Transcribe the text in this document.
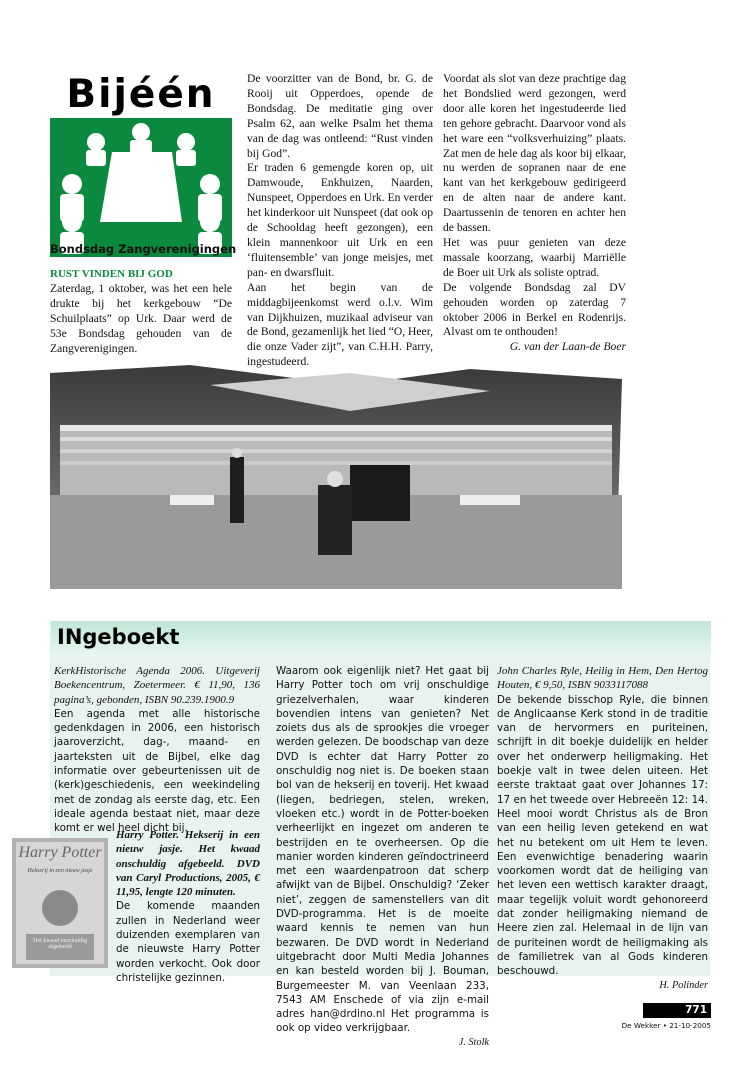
Bijéén
Bondsdag Zangverenigingen
RUST VINDEN BIJ GOD

Zaterdag, 1 oktober, was het een hele drukte bij het kerkgebouw “De Schuilplaats” op Urk. Daar werd de 53e Bondsdag gehouden van de Zangverenigingen.

De voorzitter van de Bond, br. G. de Rooij uit Opperdoes, opende de Bondsdag. De meditatie ging over Psalm 62, aan welke Psalm het thema van de dag was ontleend: “Rust vinden bij God”.

Er traden 6 gemengde koren op, uit Damwoude, Enkhuizen, Naarden, Nunspeet, Opperdoes en Urk. En verder het kinderkoor uit Nunspeet (dat ook op de Schooldag heeft gezongen), een klein mannenkoor uit Urk en een ‘fluitensemble’ van jonge meisjes, met pan- en dwarsfluit.

Aan het begin van de middagbijeenkomst werd o.l.v. Wim van Dijkhuizen, muzikaal adviseur van de Bond, gezamenlijk het lied “O, Heer, die onze Vader zijt”, van C.H.H. Parry, ingestudeerd.

Voordat als slot van deze prachtige dag het Bondslied werd gezongen, werd door alle koren het ingestudeerde lied ten gehore gebracht. Daarvoor vond als het ware een “volksverhuizing” plaats. Zat men de hele dag als koor bij elkaar, nu werden de sopranen naar de ene kant van het kerkgebouw gedirigeerd en de alten naar de andere kant. Daartussenin de tenoren en achter hen de bassen.

Het was puur genieten van deze massale koorzang, waarbij Marriëlle de Boer uit Urk als soliste optrad.

De volgende Bondsdag zal DV gehouden worden op zaterdag 7 oktober 2006 in Berkel en Rodenrijs. Alvast om te onthouden!

G. van der Laan-de Boer

INgeboekt

KerkHistorische Agenda 2006. Uitgeverij Boekencentrum, Zoetermeer. € 11,90, 136 pagina’s, gebonden, ISBN 90.239.1900.9

Een agenda met alle historische gedenkdagen in 2006, een historisch jaaroverzicht, dag-, maand- en jaarteksten uit de Bijbel, elke dag informatie over gebeurtenissen uit de (kerk)geschiedenis, een weekindeling met de zondag als eerste dag, etc. Een ideale agenda bestaat niet, maar deze komt er wel heel dicht bij.

Harry Potter. Hekserij in een nieuw jasje. Het kwaad onschuldig afgebeeld. DVD van Caryl Productions, 2005, € 11,95, lengte 120 minuten.

De komende maanden zullen in Nederland weer duizenden exemplaren van de nieuwste Harry Potter worden verkocht. Ook door christelijke gezinnen.

Harry Potter
Hekserij in een nieuw jasje
Het kwaad onschuldig afgebeeld

Waarom ook eigenlijk niet? Het gaat bij Harry Potter toch om vrij onschuldige griezelverhalen, waar kinderen bovendien intens van genieten? Net zoiets dus als de sprookjes die vroeger werden gelezen. De boodschap van deze DVD is echter dat Harry Potter zo onschuldig nog niet is. De boeken staan bol van de hekserij en toverij. Het kwaad (liegen, bedriegen, stelen, wreken, vloeken etc.) wordt in de Potter-boeken verheerlijkt en ingezet om anderen te bestrijden en te overheersen. Op die manier worden kinderen geïndoctrineerd met een waardenpatroon dat scherp afwijkt van de Bijbel. Onschuldig? ‘Zeker niet’, zeggen de samenstellers van dit DVD-programma. Het is de moeite waard kennis te nemen van hun bezwaren. De DVD wordt in Nederland uitgebracht door Multi Media Johannes en kan besteld worden bij J. Bouman, Burgemeester M. van Veenlaan 233, 7543 AM Enschede of via zijn e-mail adres han@drdino.nl Het programma is ook op video verkrijgbaar.

J. Stolk

John Charles Ryle, Heilig in Hem, Den Hertog Houten, € 9,50, ISBN 9033117088

De bekende bisschop Ryle, die binnen de Anglicaanse Kerk stond in de traditie van de hervormers en puriteinen, schrijft in dit boekje duidelijk en helder over het onderwerp heiligmaking. Het boekje valt in twee delen uiteen. Het eerste traktaat gaat over Johannes 17: 17 en het tweede over Hebreeën 12: 14. Heel mooi wordt Christus als de Bron van een heilig leven getekend en wat het nu betekent om uit Hem te leven. Een evenwichtige benadering waarin voorkomen wordt dat de heiliging van het leven een wettisch karakter draagt, maar tegelijk voluit wordt gehonoreerd dat zonder heiligmaking niemand de Heere zien zal. Helemaal in de lijn van de puriteinen wordt de heiligmaking als de familietrek van al Gods kinderen beschouwd.

H. Polinder

771
De Wekker • 21-10-2005
